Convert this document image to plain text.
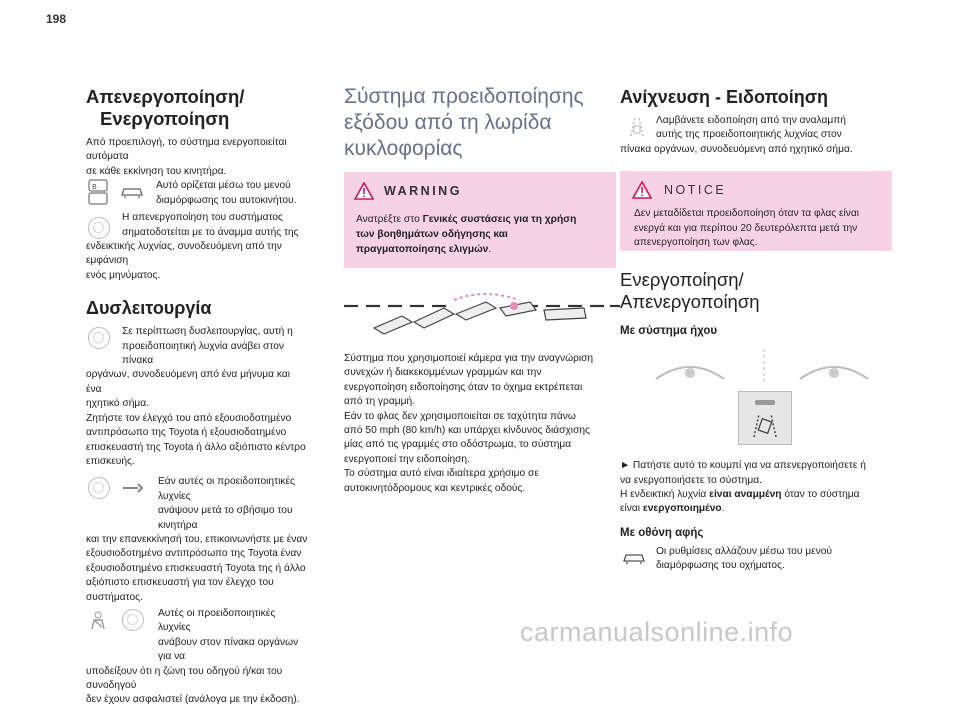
198
Απενεργοποίηση/
Ενεργοποίηση

Από προεπιλογή, το σύστημα ενεργοποιείται αυτόματα

σε κάθε εκκίνηση του κινητήρα.

B	Αυτό ορίζεται μέσω του μενού

διαμόρφωσης του αυτοκινήτου.

Η απενεργοποίηση του συστήματος

σηματοδοτείται με το άναμμα αυτής της

ενδεικτικής λυχνίας, συνοδευόμενη από την εμφάνιση

ενός μηνύματος.

Δυσλειτουργία

Σε περίπτωση δυσλειτουργίας, αυτή η

προειδοποιητική λυχνία ανάβει στον πίνακα

οργάνων, συνοδευόμενη από ένα μήνυμα και ένα

ηχητικό σήμα.

Ζητήστε τον έλεγχό του από εξουσιοδοτημένο

αντιπρόσωπο της Toyota ή εξουσιοδοτημένο

επισκευαστή της Toyota ή άλλο αξιόπιστο κέντρο

επισκευής.

Εάν αυτές οι προειδοποιητικές λυχνίες

ανάψουν μετά το σβήσιμο του κινητήρα

και την επανεκκίνησή του, επικοινωνήστε με έναν

εξουσιοδοτημένο αντιπρόσωπο της Toyota έναν

εξουσιοδοτημένο επισκευαστή Toyota της ή άλλο

αξιόπιστο επισκευαστή για τον έλεγχο του συστήματος.

Αυτές οι προειδοποιητικές λυχνίες

ανάβουν στον πίνακα οργάνων για να

υποδείξουν ότι η ζώνη του οδηγού ή/και του συνοδηγού

δεν έχουν ασφαλιστεί (ανάλογα με την έκδοση).

Σύστημα προειδοποίησης
εξόδου από τη λωρίδα
κυκλοφορίας
WARNING
Ανατρέξτε στο Γενικές συστάσεις για τη χρήση
των βοηθημάτων οδήγησης και
πραγματοποίησης ελιγμών.

Σύστημα που χρησιμοποιεί κάμερα για την αναγνώριση

συνεχών ή διακεκομμένων γραμμών και την

ενεργοποίηση ειδοποίησης όταν το όχημα εκτρέπεται

από τη γραμμή.

Εάν το φλας δεν χρησιμοποιείται σε ταχύτητα πάνω

από 50 mph (80 km/h) και υπάρχει κίνδυνος διάσχισης

μίας από τις γραμμές στο οδόστρωμα, το σύστημα

ενεργοποιεί την ειδοποίηση.

Το σύστημα αυτό είναι ιδιαίτερα χρήσιμο σε

αυτοκινητόδρομους και κεντρικές οδούς.

Ανίχνευση - Ειδοποίηση

Λαμβάνετε ειδοποίηση από την αναλαμπή

αυτής της προειδοποιητικής λυχνίας στον

πίνακα οργάνων, συνοδευόμενη από ηχητικό σήμα.

NOTICE

Δεν μεταδίδεται προειδοποίηση όταν τα φλας είναι

ενεργά και για περίπου 20 δευτερόλεπτα μετά την

απενεργοποίηση των φλας.

Ενεργοποίηση/
Απενεργοποίηση
Με σύστημα ήχου

► Πατήστε αυτό το κουμπί για να απενεργοποιήσετε ή

να ενεργοποιήσετε το σύστημα.

Η ενδεικτική λυχνία είναι αναμμένη όταν το σύστημα

είναι ενεργοποιημένο.

Με οθόνη αφής

Οι ρυθμίσεις αλλάζουν μέσω του μενού

διαμόρφωσης του οχήματος.

carmanualsonline.info
